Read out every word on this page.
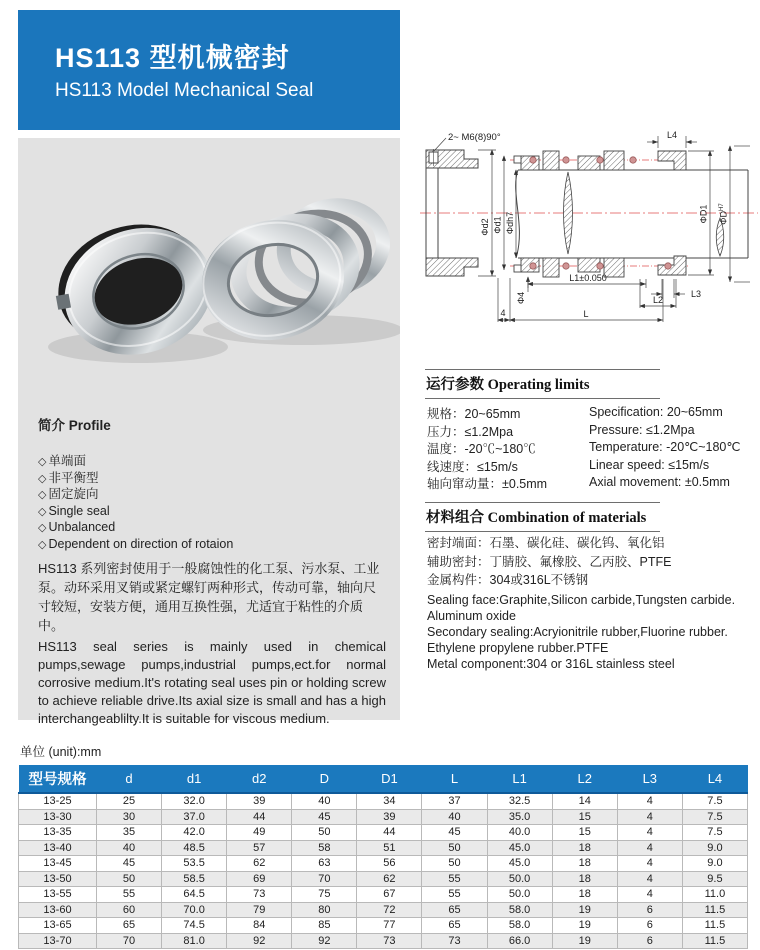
HS113 型机械密封
HS113 Model Mechanical Seal
简介 Profile
◇ 单端面
◇ 非平衡型
◇ 固定旋向
◇ Single seal
◇ Unbalanced
◇ Dependent on direction of rotaion

HS113 系列密封使用于一般腐蚀性的化工泵、污水泵、工业泵。动环采用叉销或紧定螺钉两种形式，传动可靠，轴向尺寸较短，安装方便，通用互换性强，尤适宜于粘性的介质中。

HS113 seal series is mainly used in chemical pumps,sewage pumps,industrial pumps,ect.for normal corrosive medium.It's rotating seal uses pin or holding screw to achieve reliable drive.Its axial size is small and has a high interchangeablilty.It is suitable for viscous medium.

2~ M6(8)90°
Φd2 Φd1 Φdh7
L4
ΦD1 $\Phi D^{H7}$
Φ4
L1±0.050
L3
L2
4	L
运行参数 Operating limits
规格：20~65mm
压力：≤1.2Mpa
温度：-20℃~180℃
线速度：≤15m/s
轴向窜动量：±0.5mm
Specification: 20~65mm
Pressure: ≤1.2Mpa
Temperature: -20℃~180℃
Linear speed: ≤15m/s
Axial movement: ±0.5mm
材料组合 Combination of materials
密封端面：石墨、碳化硅、碳化钨、氧化铝
辅助密封：丁腈胶、氟橡胶、乙丙胶、PTFE
金属构件：304或316L不锈钢
Sealing face:Graphite,Silicon carbide,Tungsten carbide.
Aluminum oxide
Secondary sealing:Acryionitrile rubber,Fluorine rubber.
Ethylene propylene rubber.PTFE
Metal component:304 or 316L stainless steel
单位 (unit):mm
型号规格	d	d1	d2	D	D1	L	L1	L2	L3	L4
13-25	25	32.0	39	40	34	37	32.5	14	4	7.5
13-30	30	37.0	44	45	39	40	35.0	15	4	7.5
13-35	35	42.0	49	50	44	45	40.0	15	4	7.5
13-40	40	48.5	57	58	51	50	45.0	18	4	9.0
13-45	45	53.5	62	63	56	50	45.0	18	4	9.0
13-50	50	58.5	69	70	62	55	50.0	18	4	9.5
13-55	55	64.5	73	75	67	55	50.0	18	4	11.0
13-60	60	70.0	79	80	72	65	58.0	19	6	11.5
13-65	65	74.5	84	85	77	65	58.0	19	6	11.5
13-70	70	81.0	92	92	73	73	66.0	19	6	11.5
